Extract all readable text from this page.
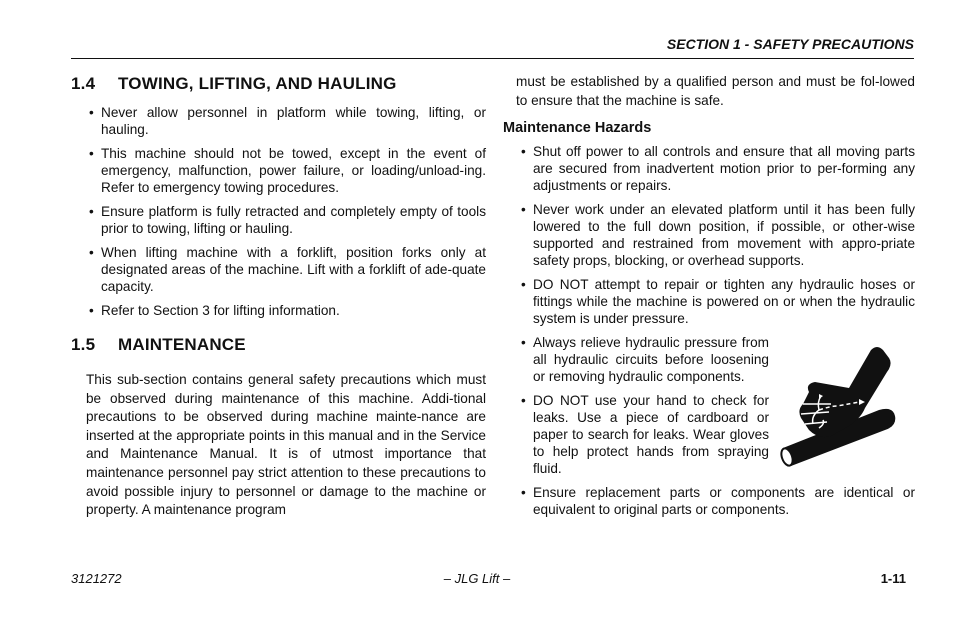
SECTION 1 - SAFETY PRECAUTIONS
1.4 TOWING, LIFTING, AND HAULING
• Never allow personnel in platform while towing, lifting, or hauling.
• This machine should not be towed, except in the event of emergency, malfunction, power failure, or loading/unload-ing. Refer to emergency towing procedures.
• Ensure platform is fully retracted and completely empty of tools prior to towing, lifting or hauling.
• When lifting machine with a forklift, position forks only at designated areas of the machine. Lift with a forklift of ade-quate capacity.
• Refer to Section 3 for lifting information.
1.5 MAINTENANCE

This sub-section contains general safety precautions which must be observed during maintenance of this machine. Addi-tional precautions to be observed during machine mainte-nance are inserted at the appropriate points in this manual and in the Service and Maintenance Manual. It is of utmost importance that maintenance personnel pay strict attention to these precautions to avoid possible injury to personnel or damage to the machine or property. A maintenance program

must be established by a qualified person and must be fol-lowed to ensure that the machine is safe.

Maintenance Hazards
• Shut off power to all controls and ensure that all moving parts are secured from inadvertent motion prior to per-forming any adjustments or repairs.
• Never work under an elevated platform until it has been fully lowered to the full down position, if possible, or other-wise supported and restrained from movement with appro-priate safety props, blocking, or overhead supports.
• DO NOT attempt to repair or tighten any hydraulic hoses or fittings while the machine is powered on or when the hydraulic system is under pressure.
• Always relieve hydraulic pressure from all hydraulic circuits before loosening or removing hydraulic components.
• DO NOT use your hand to check for leaks. Use a piece of cardboard or paper to search for leaks. Wear gloves to help protect hands from spraying fluid.
• Ensure replacement parts or components are identical or equivalent to original parts or components.
3121272	– JLG Lift –	1-11
